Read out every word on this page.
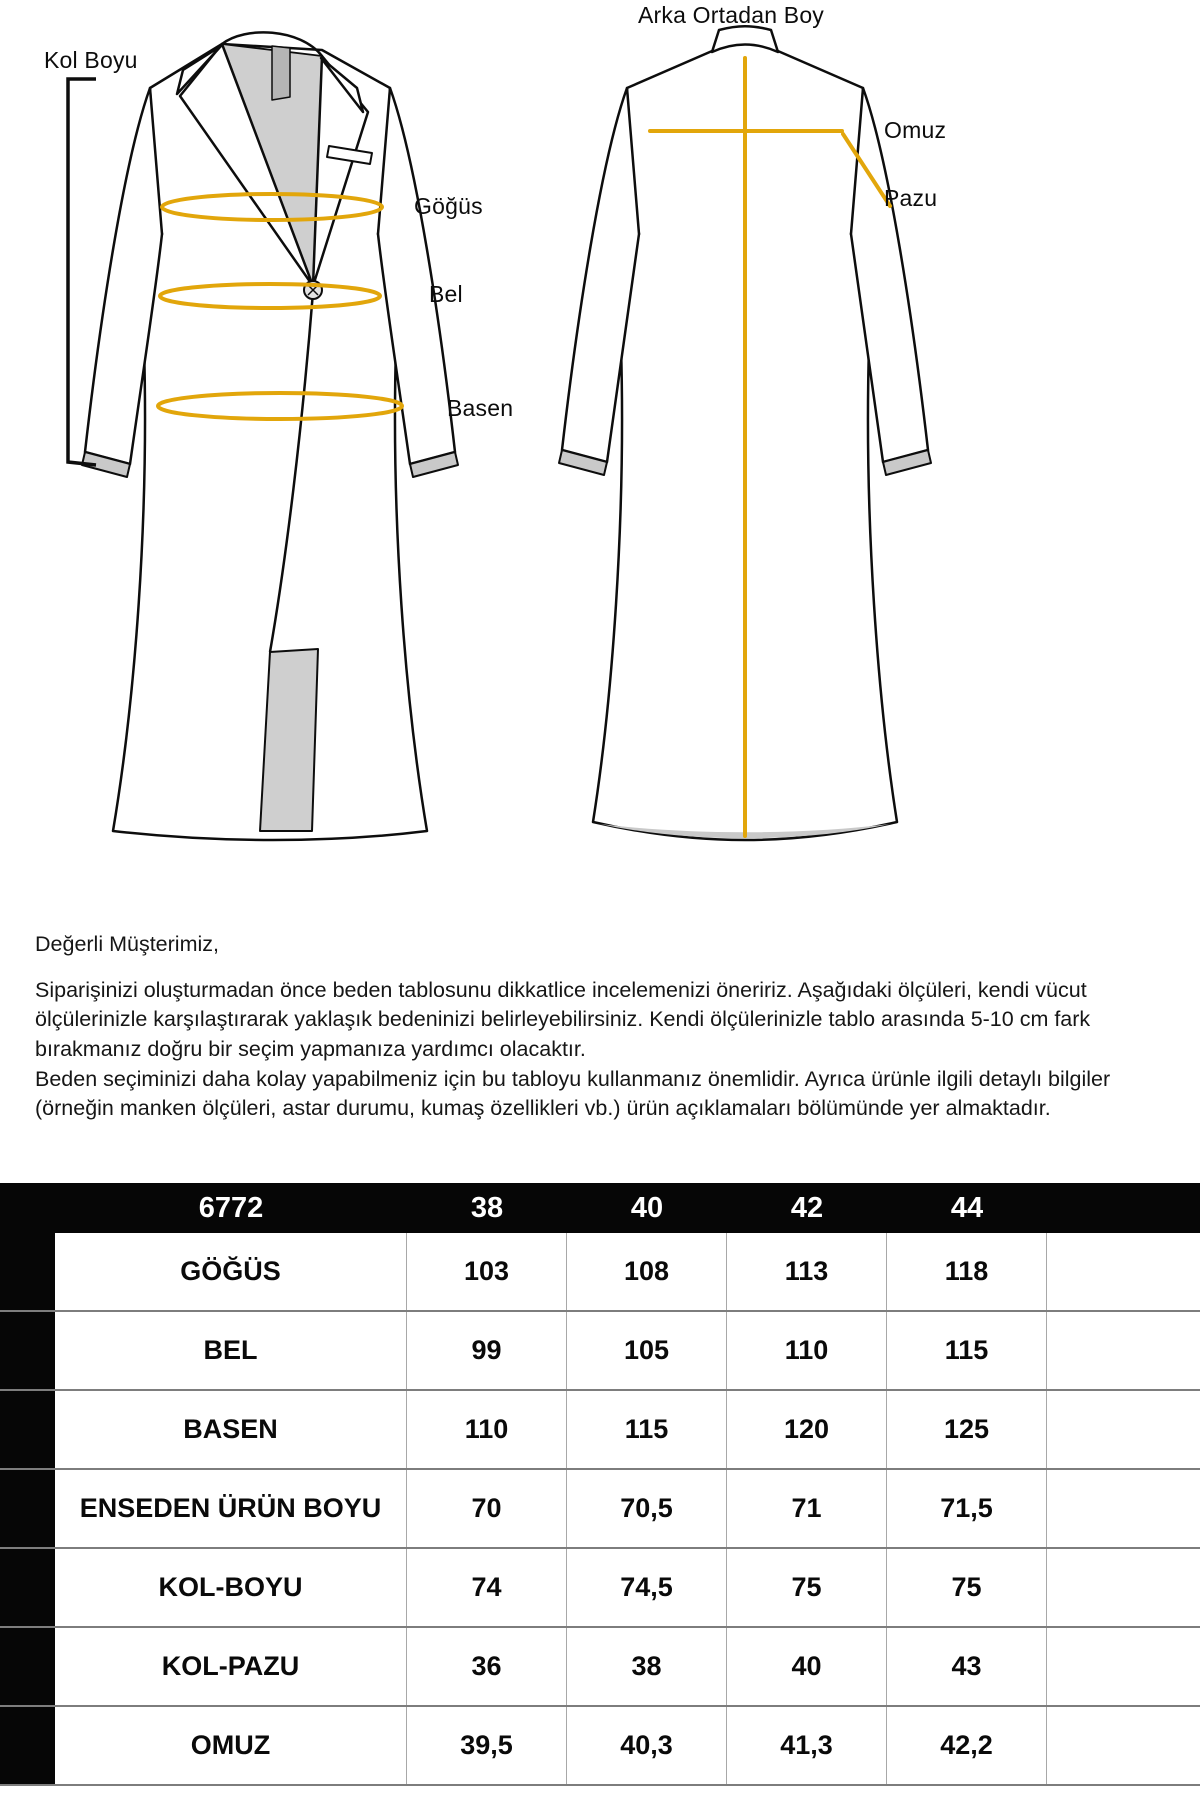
Kol Boyu
Arka Ortadan Boy
Omuz
Pazu
Göğüs
Bel
Basen

Değerli Müşterimiz,

Siparişinizi oluşturmadan önce beden tablosunu dikkatlice incelemenizi öneririz. Aşağıdaki ölçüleri, kendi vücut ölçülerinizle karşılaştırarak yaklaşık bedeninizi belirleyebilirsiniz. Kendi ölçülerinizle tablo arasında 5-10 cm fark bırakmanız doğru bir seçim yapmanıza yardımcı olacaktır.

Beden seçiminizi daha kolay yapabilmeniz için bu tabloyu kullanmanız önemlidir. Ayrıca ürünle ilgili detaylı bilgiler (örneğin manken ölçüleri, astar durumu, kumaş özellikleri vb.) ürün açıklamaları bölümünde yer almaktadır.

6772	38	40	42	44
GÖĞÜS	103	108	113	118
BEL	99	105	110	115
BASEN	110	115	120	125
ENSEDEN ÜRÜN BOYU	70	70,5	71	71,5
KOL-BOYU	74	74,5	75	75
KOL-PAZU	36	38	40	43
OMUZ	39,5	40,3	41,3	42,2
